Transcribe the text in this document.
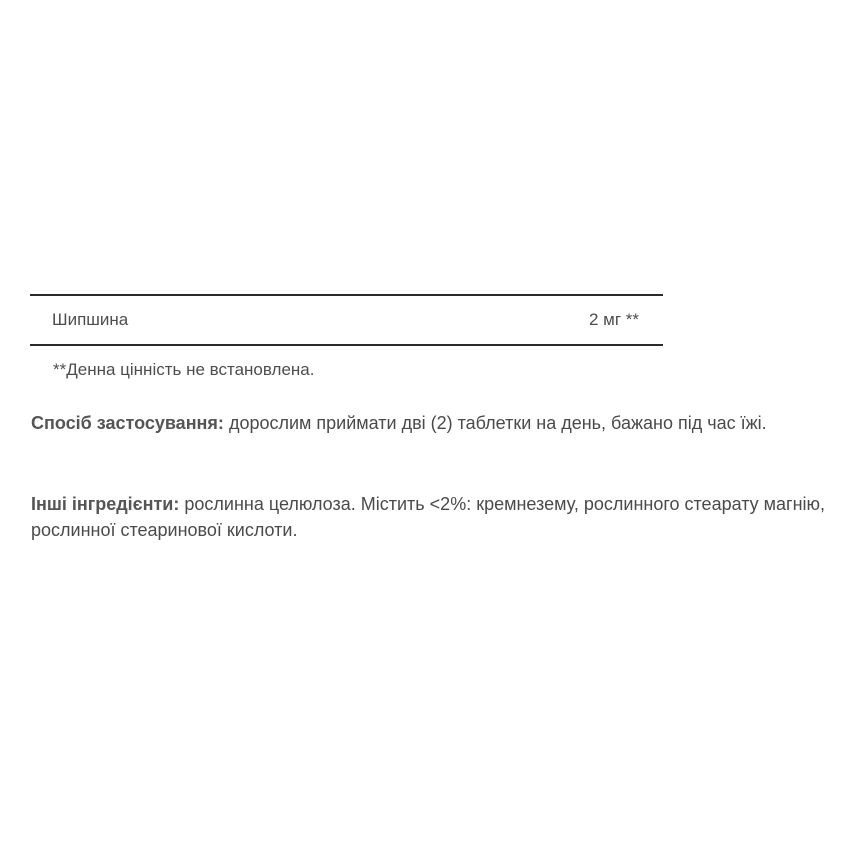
Шипшина	2 мг **
**Денна цінність не встановлена.

Спосіб застосування: дорослим приймати дві (2) таблетки на день, бажано під час їжі.

Інші інгредієнти: рослинна целюлоза. Містить <2%: кремнезему, рослинного стеарату магнію, рослинної стеаринової кислоти.
